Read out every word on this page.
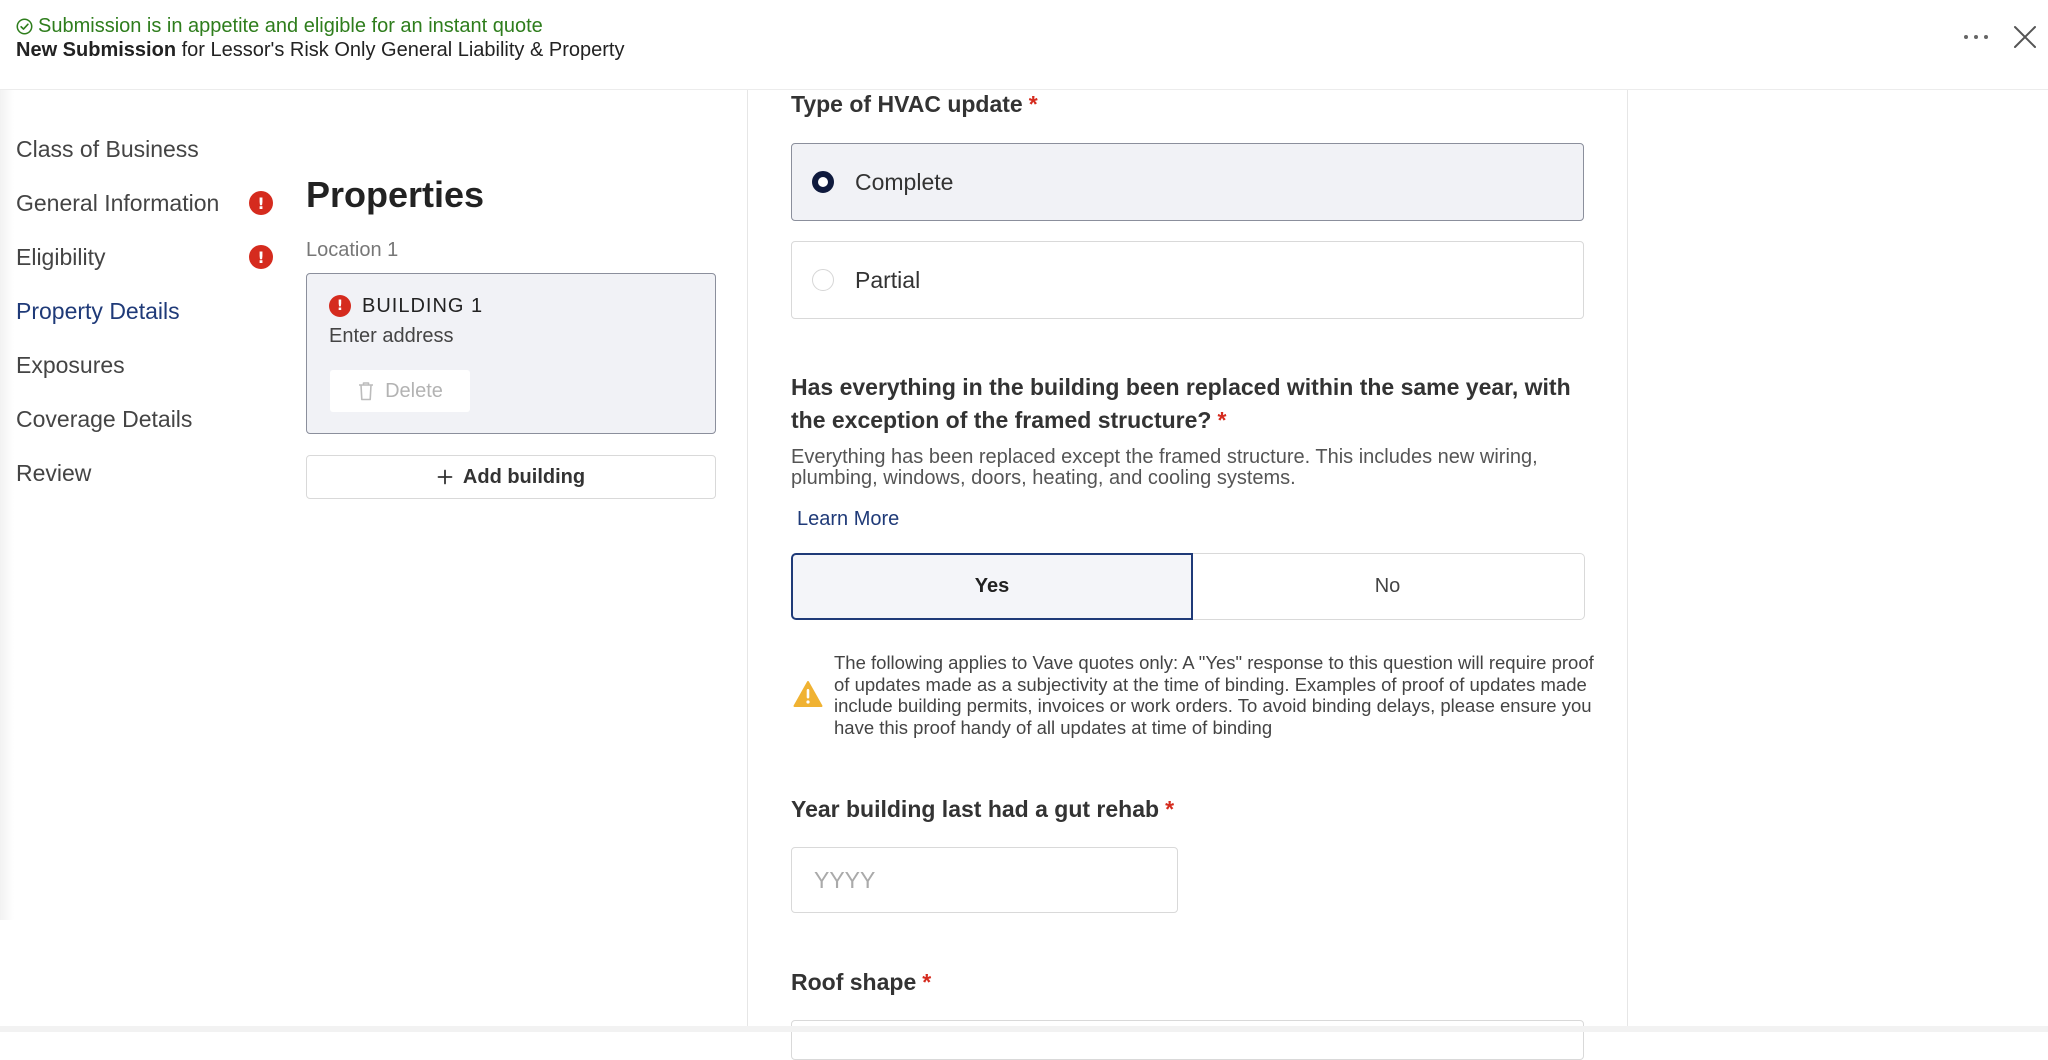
Submission is in appetite and eligible for an instant quote
New Submission for Lessor's Risk Only General Liability & Property
Class of Business
General Information	!
Eligibility	!
Property Details
Exposures
Coverage Details
Review
Properties
Location 1
! BUILDING 1
Enter address
Delete
Add building
Type of HVAC update *
Complete
Partial
Has everything in the building been replaced within the same year, with the exception of the framed structure? *
Everything has been replaced except the framed structure. This includes new wiring, plumbing, windows, doors, heating, and cooling systems.
Learn More
Yes	No
The following applies to Vave quotes only: A "Yes" response to this question will require proof of updates made as a subjectivity at the time of binding. Examples of proof of updates made include building permits, invoices or work orders. To avoid binding delays, please ensure you have this proof handy of all updates at time of binding
Year building last had a gut rehab *
YYYY
Roof shape *
